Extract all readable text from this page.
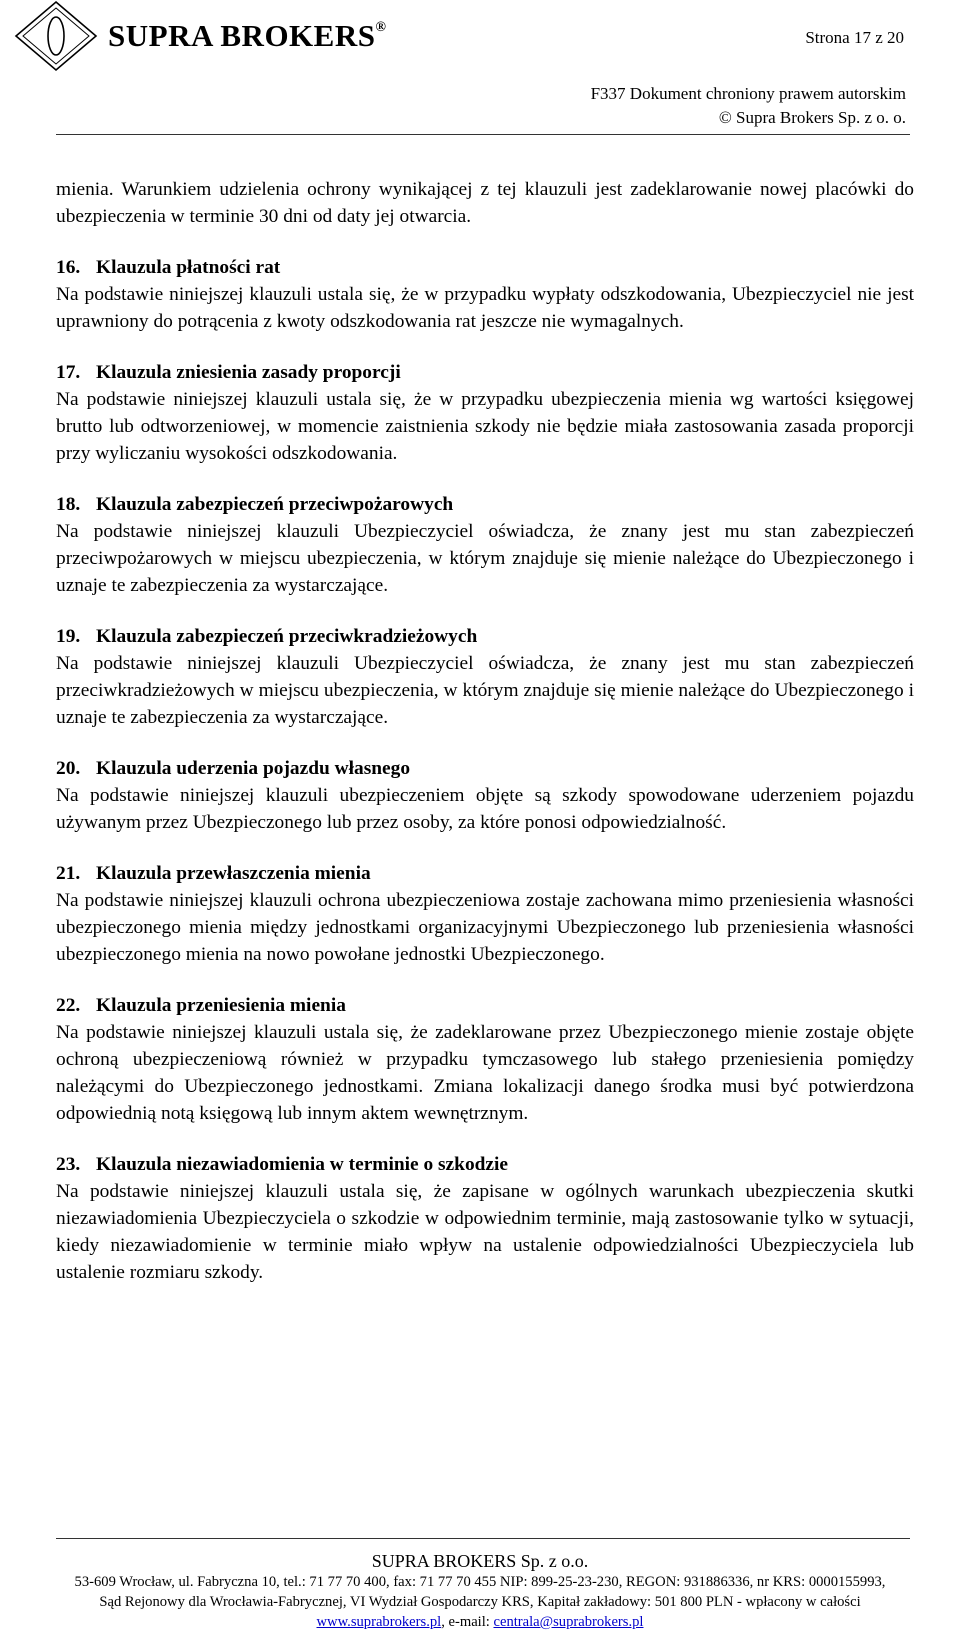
SUPRA BROKERS®
Strona 17 z 20
F337 Dokument chroniony prawem autorskim
© Supra Brokers Sp. z o. o.

mienia. Warunkiem udzielenia ochrony wynikającej z tej klauzuli jest zadeklarowanie nowej placówki do ubezpieczenia w terminie 30 dni od daty jej otwarcia.

16. Klauzula płatności rat

Na podstawie niniejszej klauzuli ustala się, że w przypadku wypłaty odszkodowania, Ubezpieczyciel nie jest uprawniony do potrącenia z kwoty odszkodowania rat jeszcze nie wymagalnych.

17. Klauzula zniesienia zasady proporcji

Na podstawie niniejszej klauzuli ustala się, że w przypadku ubezpieczenia mienia wg wartości księgowej brutto lub odtworzeniowej, w momencie zaistnienia szkody nie będzie miała zastosowania zasada proporcji przy wyliczaniu wysokości odszkodowania.

18. Klauzula zabezpieczeń przeciwpożarowych

Na podstawie niniejszej klauzuli Ubezpieczyciel oświadcza, że znany jest mu stan zabezpieczeń przeciwpożarowych w miejscu ubezpieczenia, w którym znajduje się mienie należące do Ubezpieczonego i uznaje te zabezpieczenia za wystarczające.

19. Klauzula zabezpieczeń przeciwkradzieżowych

Na podstawie niniejszej klauzuli Ubezpieczyciel oświadcza, że znany jest mu stan zabezpieczeń przeciwkradzieżowych w miejscu ubezpieczenia, w którym znajduje się mienie należące do Ubezpieczonego i uznaje te zabezpieczenia za wystarczające.

20. Klauzula uderzenia pojazdu własnego

Na podstawie niniejszej klauzuli ubezpieczeniem objęte są szkody spowodowane uderzeniem pojazdu używanym przez Ubezpieczonego lub przez osoby, za które ponosi odpowiedzialność.

21. Klauzula przewłaszczenia mienia

Na podstawie niniejszej klauzuli ochrona ubezpieczeniowa zostaje zachowana mimo przeniesienia własności ubezpieczonego mienia między jednostkami organizacyjnymi Ubezpieczonego lub przeniesienia własności ubezpieczonego mienia na nowo powołane jednostki Ubezpieczonego.

22. Klauzula przeniesienia mienia

Na podstawie niniejszej klauzuli ustala się, że zadeklarowane przez Ubezpieczonego mienie zostaje objęte ochroną ubezpieczeniową również w przypadku tymczasowego lub stałego przeniesienia pomiędzy należącymi do Ubezpieczonego jednostkami. Zmiana lokalizacji danego środka musi być potwierdzona odpowiednią notą księgową lub innym aktem wewnętrznym.

23. Klauzula niezawiadomienia w terminie o szkodzie

Na podstawie niniejszej klauzuli ustala się, że zapisane w ogólnych warunkach ubezpieczenia skutki niezawiadomienia Ubezpieczyciela o szkodzie w odpowiednim terminie, mają zastosowanie tylko w sytuacji, kiedy niezawiadomienie w terminie miało wpływ na ustalenie odpowiedzialności Ubezpieczyciela lub ustalenie rozmiaru szkody.

SUPRA BROKERS Sp. z o.o.
53-609 Wrocław, ul. Fabryczna 10, tel.: 71 77 70 400, fax: 71 77 70 455 NIP: 899-25-23-230, REGON: 931886336, nr KRS: 0000155993,
Sąd Rejonowy dla Wrocławia-Fabrycznej, VI Wydział Gospodarczy KRS, Kapitał zakładowy: 501 800 PLN - wpłacony w całości
www.suprabrokers.pl, e-mail: centrala@suprabrokers.pl
